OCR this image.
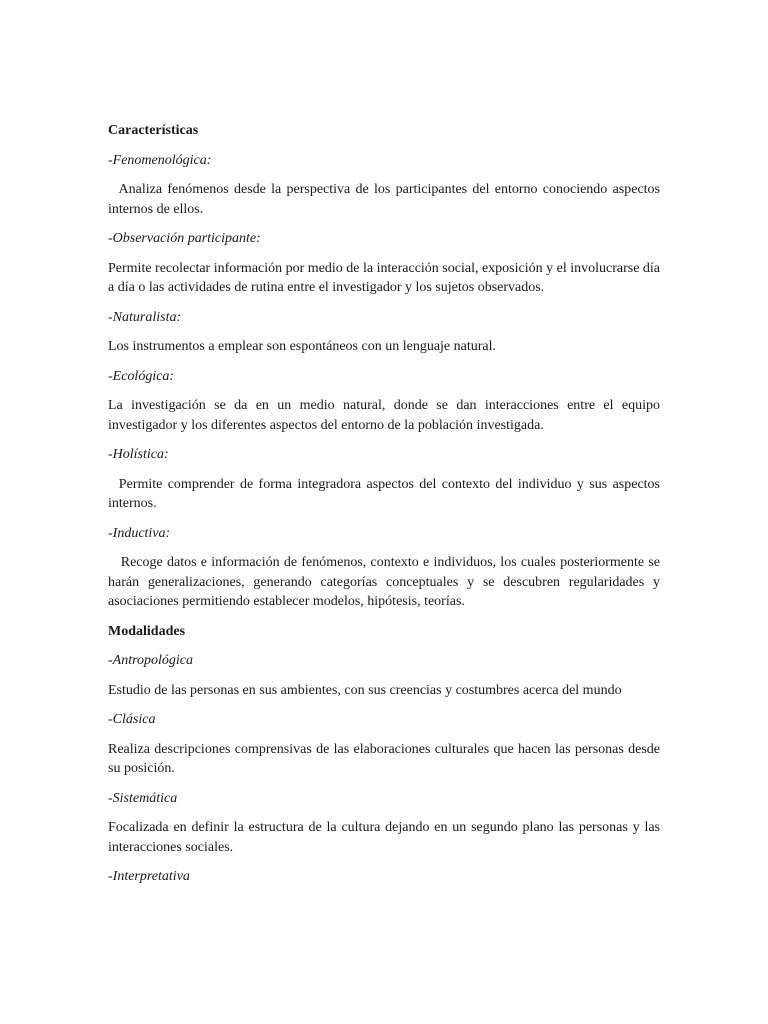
Características
-Fenomenológica:
Analiza fenómenos desde la perspectiva de los participantes del entorno conociendo aspectos internos de ellos.
-Observación participante:
Permite recolectar información por medio de la interacción social, exposición y el involucrarse día a día o las actividades de rutina entre el investigador y los sujetos observados.
-Naturalista:
Los instrumentos a emplear son espontáneos con un lenguaje natural.
-Ecológica:
La investigación se da en un medio natural, donde se dan interacciones entre el equipo investigador y los diferentes aspectos del entorno de la población investigada.
-Holística:
Permite comprender de forma integradora aspectos del contexto del individuo y sus aspectos internos.
-Inductiva:
Recoge datos e información de fenómenos, contexto e individuos, los cuales posteriormente se harán generalizaciones, generando categorías conceptuales y se descubren regularidades y asociaciones permitiendo establecer modelos, hipótesis, teorías.
Modalidades
-Antropológica
Estudio de las personas en sus ambientes, con sus creencias y costumbres acerca del mundo
-Clásica
Realiza descripciones comprensivas de las elaboraciones culturales que hacen las personas desde su posición.
-Sistemática
Focalizada en definir la estructura de la cultura dejando en un segundo plano las personas y las interacciones sociales.
-Interpretativa
